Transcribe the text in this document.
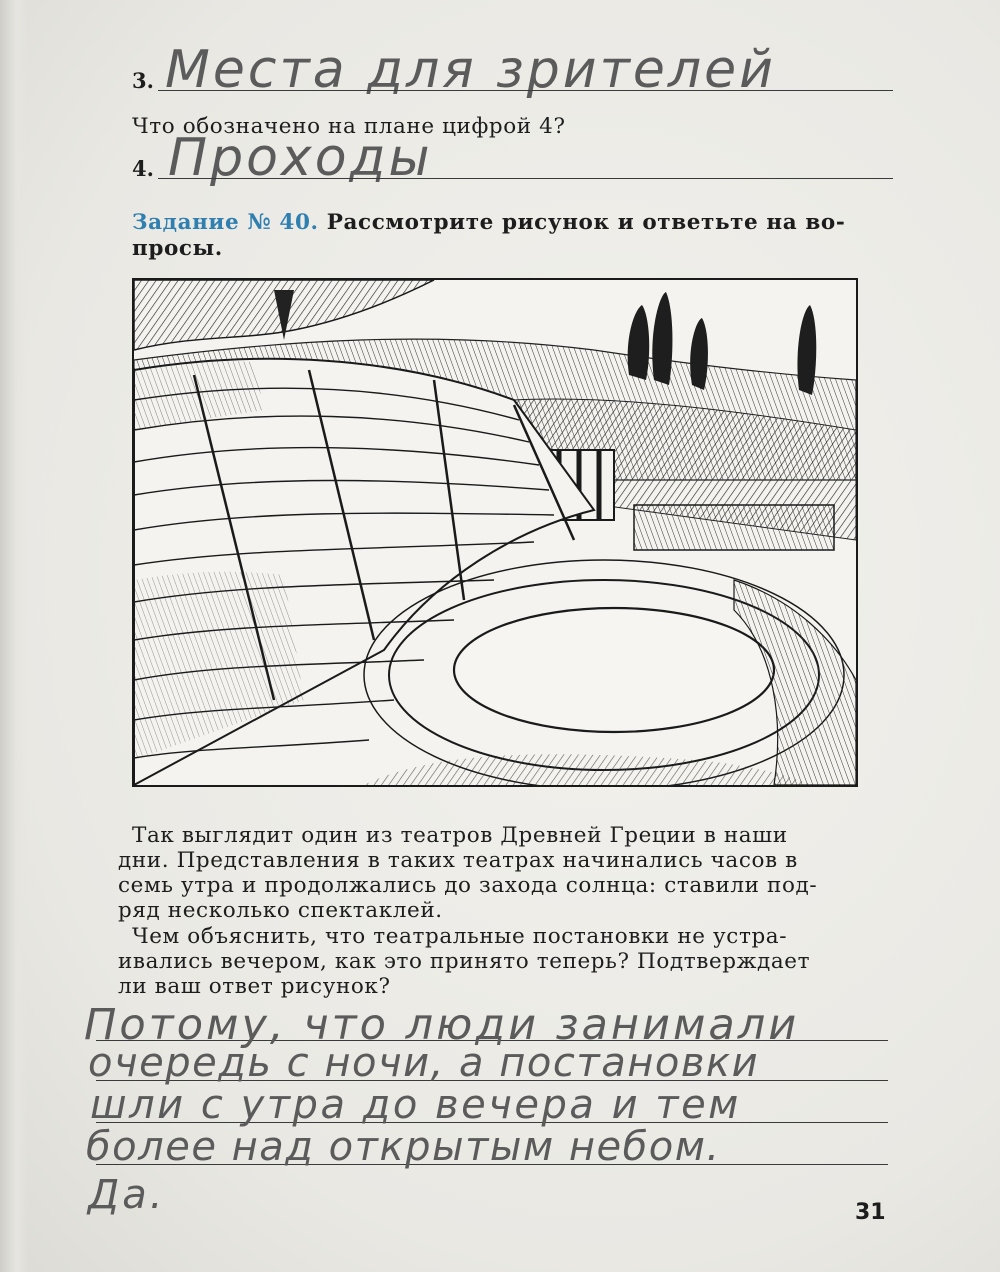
3. Места для зрителей
Что обозначено на плане цифрой 4?
4. Проходы
Задание № 40. Рассмотрите рисунок и ответьте на во-
просы.
Так выглядит один из театров Древней Греции в наши
дни. Представления в таких театрах начинались часов в
семь утра и продолжались до захода солнца: ставили под-
ряд несколько спектаклей.
Чем объяснить, что театральные постановки не устра-
ивались вечером, как это принято теперь? Подтверждает
ли ваш ответ рисунок?
Потому, что люди занимали
очередь с ночи, а постановки
шли с утра до вечера и тем
более над открытым небом.
Да.	31
